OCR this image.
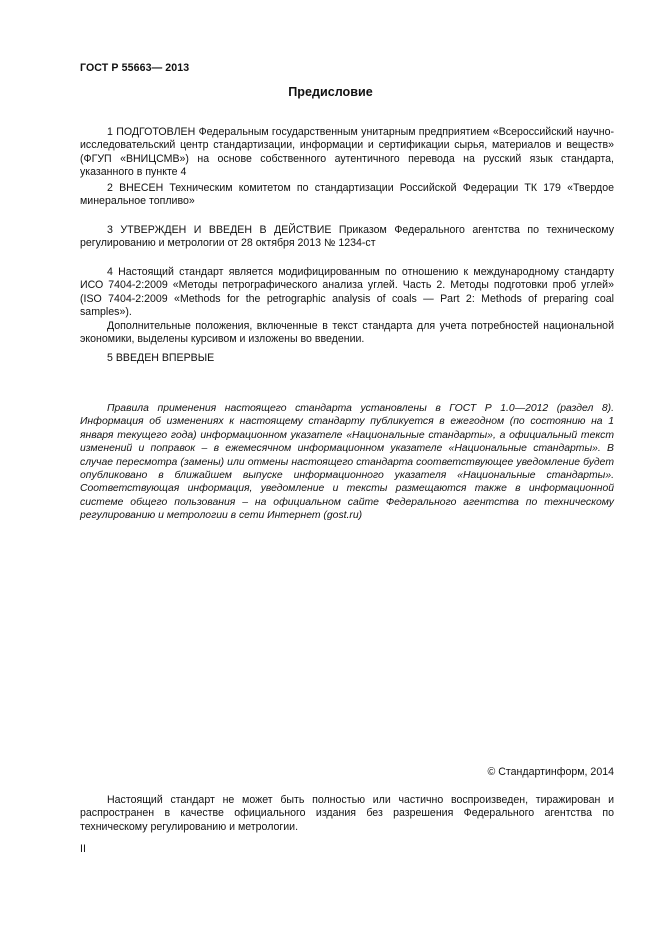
ГОСТ Р 55663— 2013
Предисловие

1 ПОДГОТОВЛЕН Федеральным государственным унитарным предприятием «Всероссийский научно-исследовательский центр стандартизации, информации и сертификации сырья, материалов и веществ» (ФГУП «ВНИЦСМВ») на основе собственного аутентичного перевода на русский язык стандарта, указанного в пункте 4

2 ВНЕСЕН Техническим комитетом по стандартизации Российской Федерации ТК 179 «Твердое минеральное топливо»

3 УТВЕРЖДЕН И ВВЕДЕН В ДЕЙСТВИЕ Приказом Федерального агентства по техническому регулированию и метрологии от 28 октября 2013 № 1234-ст

4 Настоящий стандарт является модифицированным по отношению к международному стандарту ИСО 7404-2:2009 «Методы петрографического анализа углей. Часть 2. Методы подготовки проб углей» (ISO 7404-2:2009 «Methods for the petrographic analysis of coals — Part 2: Methods of preparing coal samples»).

Дополнительные положения, включенные в текст стандарта для учета потребностей национальной экономики, выделены курсивом и изложены во введении.

5 ВВЕДЕН ВПЕРВЫЕ

Правила применения настоящего стандарта установлены в ГОСТ Р 1.0—2012 (раздел 8). Информация об изменениях к настоящему стандарту публикуется в ежегодном (по состоянию на 1 января текущего года) информационном указателе «Национальные стандарты», а официальный текст изменений и поправок – в ежемесячном информационном указателе «Национальные стандарты». В случае пересмотра (замены) или отмены настоящего стандарта соответствующее уведомление будет опубликовано в ближайшем выпуске информационного указателя «Национальные стандарты». Соответствующая информация, уведомление и тексты размещаются также в информационной системе общего пользования – на официальном сайте Федерального агентства по техническому регулированию и метрологии в сети Интернет (gost.ru)

© Стандартинформ, 2014

Настоящий стандарт не может быть полностью или частично воспроизведен, тиражирован и распространен в качестве официального издания без разрешения Федерального агентства по техническому регулированию и метрологии.

II
